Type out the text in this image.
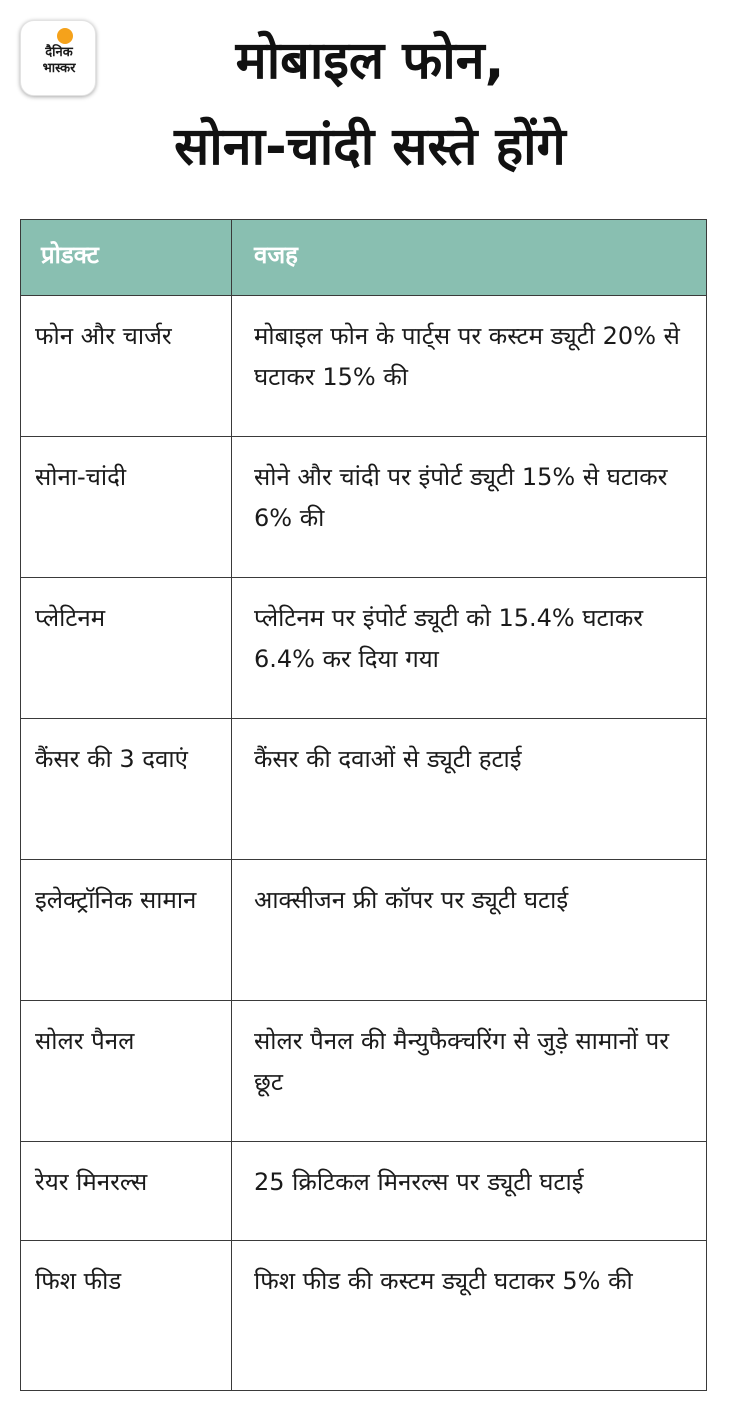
दैनिक
भास्कर	मोबाइल फोन,
सोना-चांदी सस्ते होंगे
प्रोडक्ट	वजह
फोन और चार्जर	मोबाइल फोन के पार्ट्स पर कस्टम ड्यूटी 20% से घटाकर 15% की
सोना-चांदी	सोने और चांदी पर इंपोर्ट ड्यूटी 15% से घटाकर 6% की
प्लेटिनम	प्लेटिनम पर इंपोर्ट ड्यूटी को 15.4% घटाकर 6.4% कर दिया गया
कैंसर की 3 दवाएं	कैंसर की दवाओं से ड्यूटी हटाई
इलेक्ट्रॉनिक सामान	आक्सीजन फ्री कॉपर पर ड्यूटी घटाई
सोलर पैनल	सोलर पैनल की मैन्युफैक्चरिंग से जुड़े सामानों पर छूट
रेयर मिनरल्स	25 क्रिटिकल मिनरल्स पर ड्यूटी घटाई
फिश फीड	फिश फीड की कस्टम ड्यूटी घटाकर 5% की
